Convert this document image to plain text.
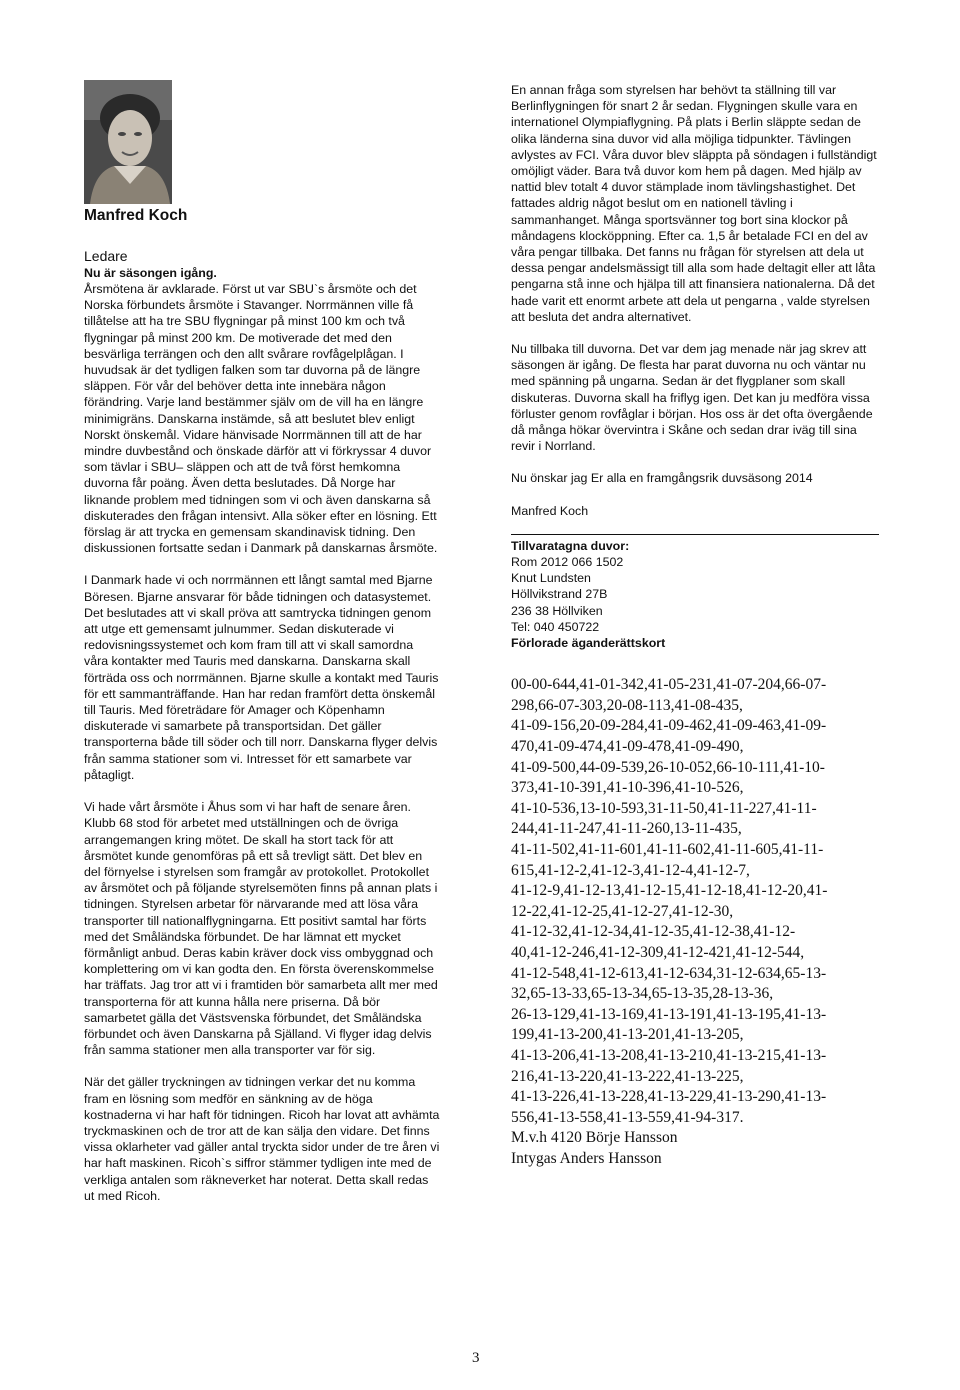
Manfred Koch
Ledare
Nu är säsongen igång.

Årsmötena är avklarade. Först ut var SBU`s årsmöte och det Norska förbundets årsmöte i Stavanger. Norrmännen ville få tillåtelse att ha tre SBU flygningar på minst 100 km och två flygningar på minst 200 km. De motiverade det med den besvärliga terrängen och den allt svårare rovfågelplågan. I huvudsak är det tydligen falken som tar duvorna på de längre släppen. För vår del behöver detta inte innebära någon förändring. Varje land bestämmer själv om de vill ha en längre minimigräns. Danskarna instämde, så att beslutet blev enligt Norskt önskemål. Vidare hänvisade Norrmännen till att de har mindre duvbestånd och önskade därför att vi förkryssar 4 duvor som tävlar i SBU– släppen och att de två först hemkomna duvorna får poäng. Även detta beslutades. Då Norge har liknande problem med tidningen som vi och även danskarna så diskuterades den frågan intensivt. Alla söker efter en lösning. Ett förslag är att trycka en gemensam skandinavisk tidning. Den diskussionen fortsatte sedan i Danmark på danskarnas årsmöte.

I Danmark hade vi och norrmännen ett långt samtal med Bjarne Böresen. Bjarne ansvarar för både tidningen och datasystemet. Det beslutades att vi skall pröva att samtrycka tidningen genom att utge ett gemensamt julnummer. Sedan diskuterade vi redovisningssystemet och kom fram till att vi skall samordna våra kontakter med Tauris med danskarna. Danskarna skall förträda oss och norrmännen. Bjarne skulle a kontakt med Tauris för ett sammanträffande. Han har redan framfört detta önskemål till Tauris. Med företrädare för Amager och Köpenhamn diskuterade vi samarbete på transportsidan. Det gäller transporterna både till söder och till norr. Danskarna flyger delvis från samma stationer som vi. Intresset för ett samarbete var påtagligt.

Vi hade vårt årsmöte i Åhus som vi har haft de senare åren. Klubb 68 stod för arbetet med utställningen och de övriga arrangemangen kring mötet. De skall ha stort tack för att årsmötet kunde genomföras på ett så trevligt sätt. Det blev en del förnyelse i styrelsen som framgår av protokollet. Protokollet av årsmötet och på följande styrelsemöten finns på annan plats i tidningen. Styrelsen arbetar för närvarande med att lösa våra transporter till nationalflygningarna. Ett positivt samtal har förts med det Småländska förbundet. De har lämnat ett mycket förmånligt anbud. Deras kabin kräver dock viss ombyggnad och komplettering om vi kan godta den. En första överenskommelse har träffats. Jag tror att vi i framtiden bör samarbeta allt mer med transporterna för att kunna hålla nere priserna. Då bör samarbetet gälla det Västsvenska förbundet, det Småländska förbundet och även Danskarna på Själland. Vi flyger idag delvis från samma stationer men alla transporter var för sig.

När det gäller tryckningen av tidningen verkar det nu komma fram en lösning som medför en sänkning av de höga kostnaderna vi har haft för tidningen. Ricoh har lovat att avhämta tryckmaskinen och de tror att de kan sälja den vidare. Det finns vissa oklarheter vad gäller antal tryckta sidor under de tre åren vi har haft maskinen. Ricoh`s siffror stämmer tydligen inte med de verkliga antalen som räkneverket har noterat. Detta skall redas ut med Ricoh.

En annan fråga som styrelsen har behövt ta ställning till var Berlinflygningen för snart 2 år sedan. Flygningen skulle vara en internationel Olympiaflygning. På plats i Berlin släppte sedan de olika länderna sina duvor vid alla möjliga tidpunkter. Tävlingen avlystes av FCI. Våra duvor blev släppta på söndagen i fullständigt omöjligt väder. Bara två duvor kom hem på dagen. Med hjälp av nattid blev totalt 4 duvor stämplade inom tävlingshastighet. Det fattades aldrig något beslut om en nationell tävling i sammanhanget. Många sportsvänner tog bort sina klockor på måndagens klocköppning. Efter ca. 1,5 år betalade FCI en del av våra pengar tillbaka. Det fanns nu frågan för styrelsen att dela ut dessa pengar andelsmässigt till alla som hade deltagit eller att låta pengarna stå inne och hjälpa till att finansiera nationalerna. Då det hade varit ett enormt arbete att dela ut pengarna , valde styrelsen att besluta det andra alternativet.

Nu tillbaka till duvorna. Det var dem jag menade när jag skrev att säsongen är igång. De flesta har parat duvorna nu och väntar nu med spänning på ungarna. Sedan är det flygplaner som skall diskuteras. Duvorna skall ha friflyg igen. Det kan ju medföra vissa förluster genom rovfåglar i början. Hos oss är det ofta övergående då många hökar övervintra i Skåne och sedan drar iväg till sina revir i Norrland.

Nu önskar jag Er alla en framgångsrik duvsäsong 2014

Manfred Koch

Tillvaratagna duvor:
Rom 2012 066 1502
Knut Lundsten
Höllvikstrand 27B
236 38 Höllviken
Tel: 040 450722
Förlorade äganderättskort
00-00-644,41-01-342,41-05-231,41-07-204,66-07-
298,66-07-303,20-08-113,41-08-435,
41-09-156,20-09-284,41-09-462,41-09-463,41-09-
470,41-09-474,41-09-478,41-09-490,
41-09-500,44-09-539,26-10-052,66-10-111,41-10-
373,41-10-391,41-10-396,41-10-526,
41-10-536,13-10-593,31-11-50,41-11-227,41-11-
244,41-11-247,41-11-260,13-11-435,
41-11-502,41-11-601,41-11-602,41-11-605,41-11-
615,41-12-2,41-12-3,41-12-4,41-12-7,
41-12-9,41-12-13,41-12-15,41-12-18,41-12-20,41-
12-22,41-12-25,41-12-27,41-12-30,
41-12-32,41-12-34,41-12-35,41-12-38,41-12-
40,41-12-246,41-12-309,41-12-421,41-12-544,
41-12-548,41-12-613,41-12-634,31-12-634,65-13-
32,65-13-33,65-13-34,65-13-35,28-13-36,
26-13-129,41-13-169,41-13-191,41-13-195,41-13-
199,41-13-200,41-13-201,41-13-205,
41-13-206,41-13-208,41-13-210,41-13-215,41-13-
216,41-13-220,41-13-222,41-13-225,
41-13-226,41-13-228,41-13-229,41-13-290,41-13-
556,41-13-558,41-13-559,41-94-317.
M.v.h 4120 Börje Hansson
Intygas Anders Hansson
3
